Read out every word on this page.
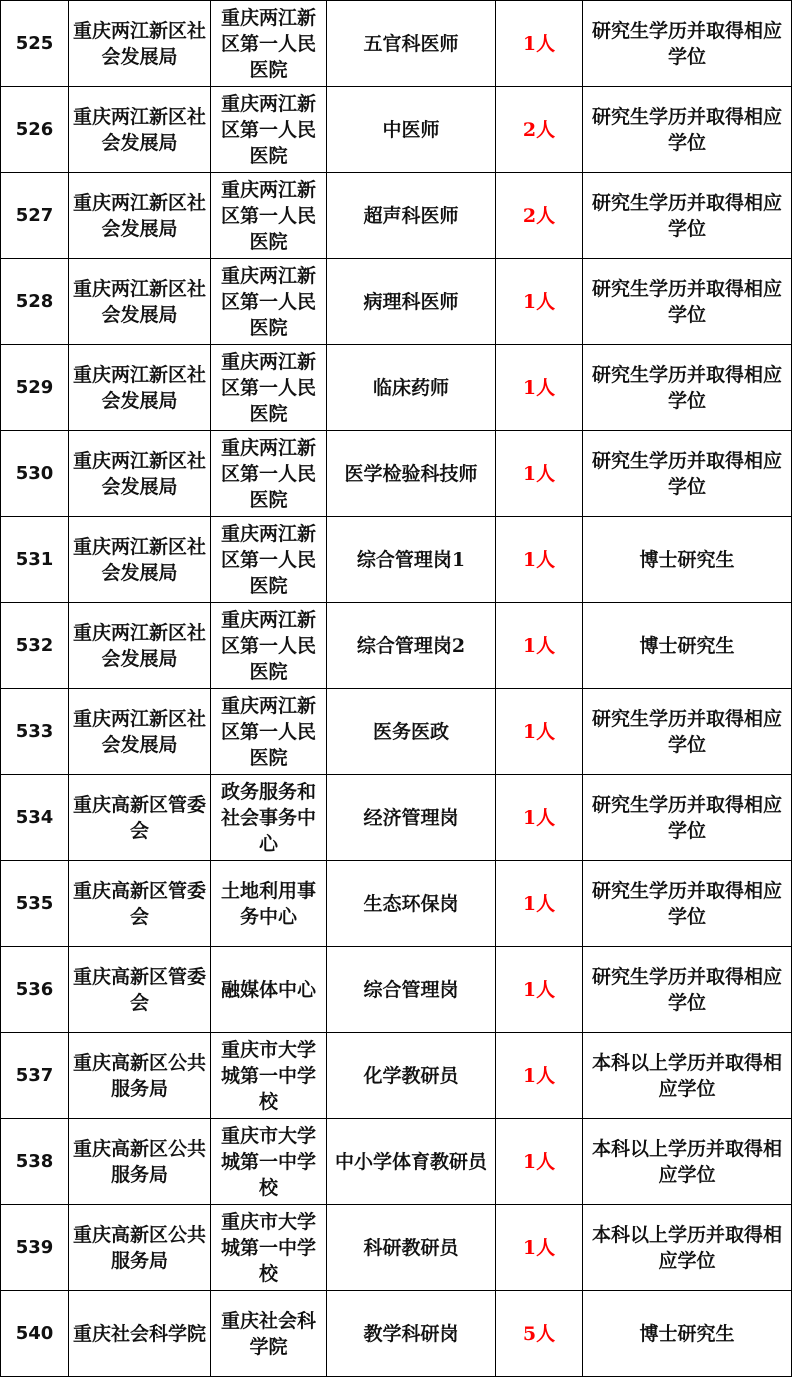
525	重庆两江新区社会发展局	重庆两江新区第一人民医院	五官科医师	1人	研究生学历并取得相应学位
526	重庆两江新区社会发展局	重庆两江新区第一人民医院	中医师	2人	研究生学历并取得相应学位
527	重庆两江新区社会发展局	重庆两江新区第一人民医院	超声科医师	2人	研究生学历并取得相应学位
528	重庆两江新区社会发展局	重庆两江新区第一人民医院	病理科医师	1人	研究生学历并取得相应学位
529	重庆两江新区社会发展局	重庆两江新区第一人民医院	临床药师	1人	研究生学历并取得相应学位
530	重庆两江新区社会发展局	重庆两江新区第一人民医院	医学检验科技师	1人	研究生学历并取得相应学位
531	重庆两江新区社会发展局	重庆两江新区第一人民医院	综合管理岗1	1人	博士研究生
532	重庆两江新区社会发展局	重庆两江新区第一人民医院	综合管理岗2	1人	博士研究生
533	重庆两江新区社会发展局	重庆两江新区第一人民医院	医务医政	1人	研究生学历并取得相应学位
534	重庆高新区管委会	政务服务和社会事务中心	经济管理岗	1人	研究生学历并取得相应学位
535	重庆高新区管委会	土地利用事务中心	生态环保岗	1人	研究生学历并取得相应学位
536	重庆高新区管委会	融媒体中心	综合管理岗	1人	研究生学历并取得相应学位
537	重庆高新区公共服务局	重庆市大学城第一中学校	化学教研员	1人	本科以上学历并取得相应学位
538	重庆高新区公共服务局	重庆市大学城第一中学校	中小学体育教研员	1人	本科以上学历并取得相应学位
539	重庆高新区公共服务局	重庆市大学城第一中学校	科研教研员	1人	本科以上学历并取得相应学位
540	重庆社会科学院	重庆社会科学院	教学科研岗	5人	博士研究生
